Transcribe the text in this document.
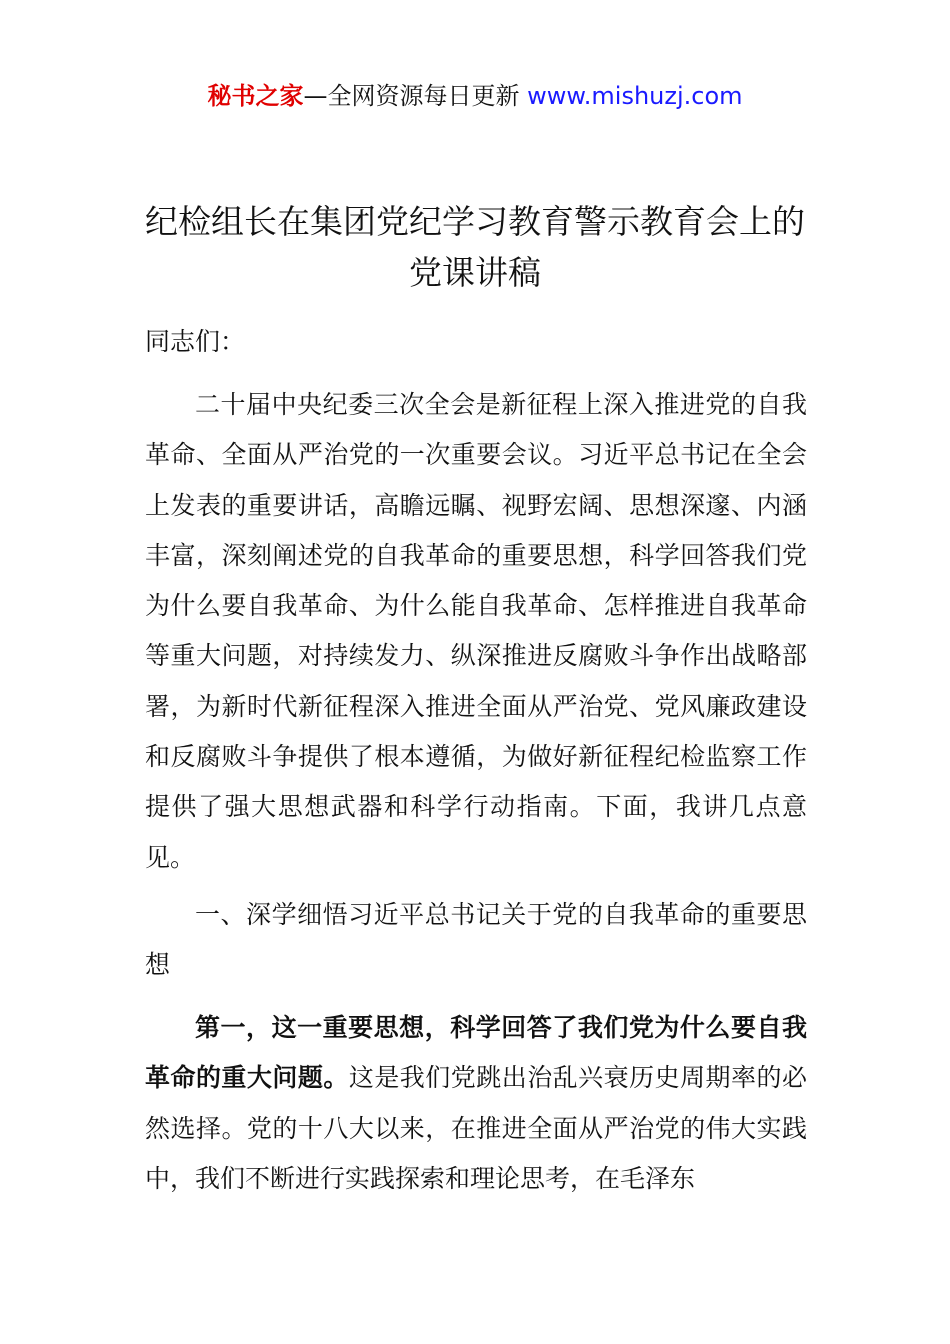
秘书之家—全网资源每日更新 www.mishuzj.com
纪检组长在集团党纪学习教育警示教育会上的党课讲稿

同志们：

二十届中央纪委三次全会是新征程上深入推进党的自我革命、全面从严治党的一次重要会议。习近平总书记在全会上发表的重要讲话，高瞻远瞩、视野宏阔、思想深邃、内涵丰富，深刻阐述党的自我革命的重要思想，科学回答我们党为什么要自我革命、为什么能自我革命、怎样推进自我革命等重大问题，对持续发力、纵深推进反腐败斗争作出战略部署，为新时代新征程深入推进全面从严治党、党风廉政建设和反腐败斗争提供了根本遵循，为做好新征程纪检监察工作提供了强大思想武器和科学行动指南。下面，我讲几点意见。

一、深学细悟习近平总书记关于党的自我革命的重要思想

第一，这一重要思想，科学回答了我们党为什么要自我革命的重大问题。这是我们党跳出治乱兴衰历史周期率的必然选择。党的十八大以来，在推进全面从严治党的伟大实践中，我们不断进行实践探索和理论思考，在毛泽东
